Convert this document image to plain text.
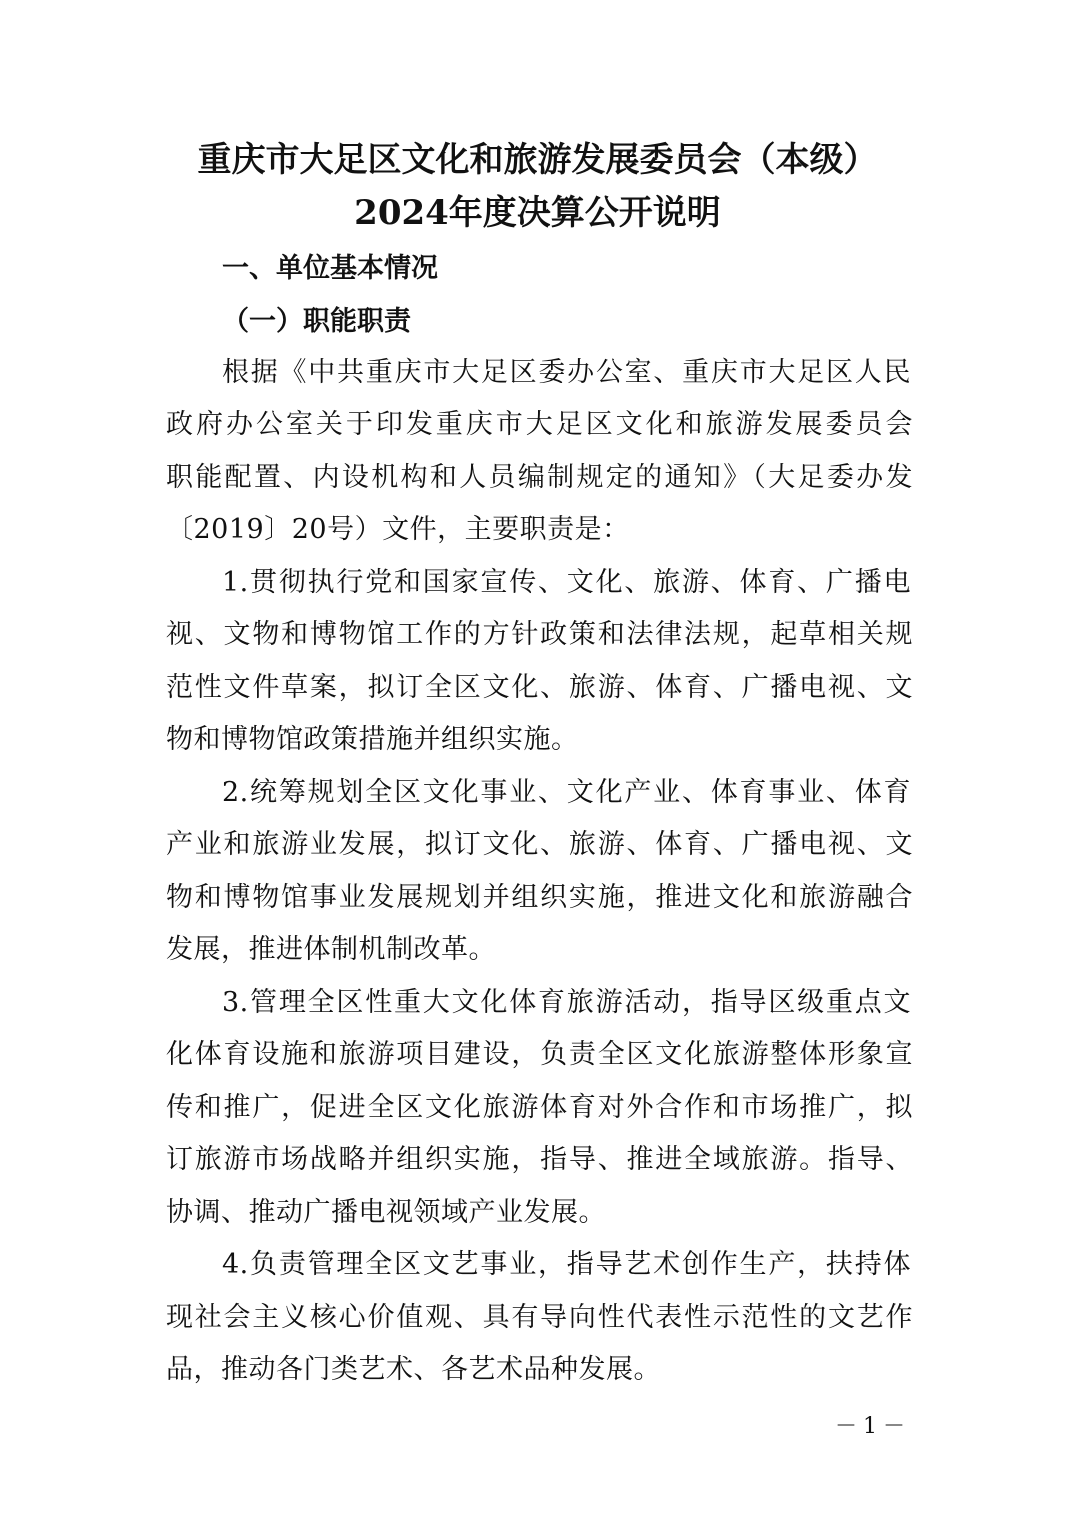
重庆市大足区文化和旅游发展委员会（本级）
2024年度决算公开说明
一、单位基本情况
（一）职能职责

根据《中共重庆市大足区委办公室、重庆市大足区人民

政府办公室关于印发重庆市大足区文化和旅游发展委员会

职能配置、内设机构和人员编制规定的通知》（大足委办发

〔2019〕20号）文件，主要职责是：

1.贯彻执行党和国家宣传、文化、旅游、体育、广播电

视、文物和博物馆工作的方针政策和法律法规，起草相关规

范性文件草案，拟订全区文化、旅游、体育、广播电视、文

物和博物馆政策措施并组织实施。

2.统筹规划全区文化事业、文化产业、体育事业、体育

产业和旅游业发展，拟订文化、旅游、体育、广播电视、文

物和博物馆事业发展规划并组织实施，推进文化和旅游融合

发展，推进体制机制改革。

3.管理全区性重大文化体育旅游活动，指导区级重点文

化体育设施和旅游项目建设，负责全区文化旅游整体形象宣

传和推广，促进全区文化旅游体育对外合作和市场推广，拟

订旅游市场战略并组织实施，指导、推进全域旅游。指导、

协调、推动广播电视领域产业发展。

4.负责管理全区文艺事业，指导艺术创作生产，扶持体

现社会主义核心价值观、具有导向性代表性示范性的文艺作

品，推动各门类艺术、各艺术品种发展。

－1－
